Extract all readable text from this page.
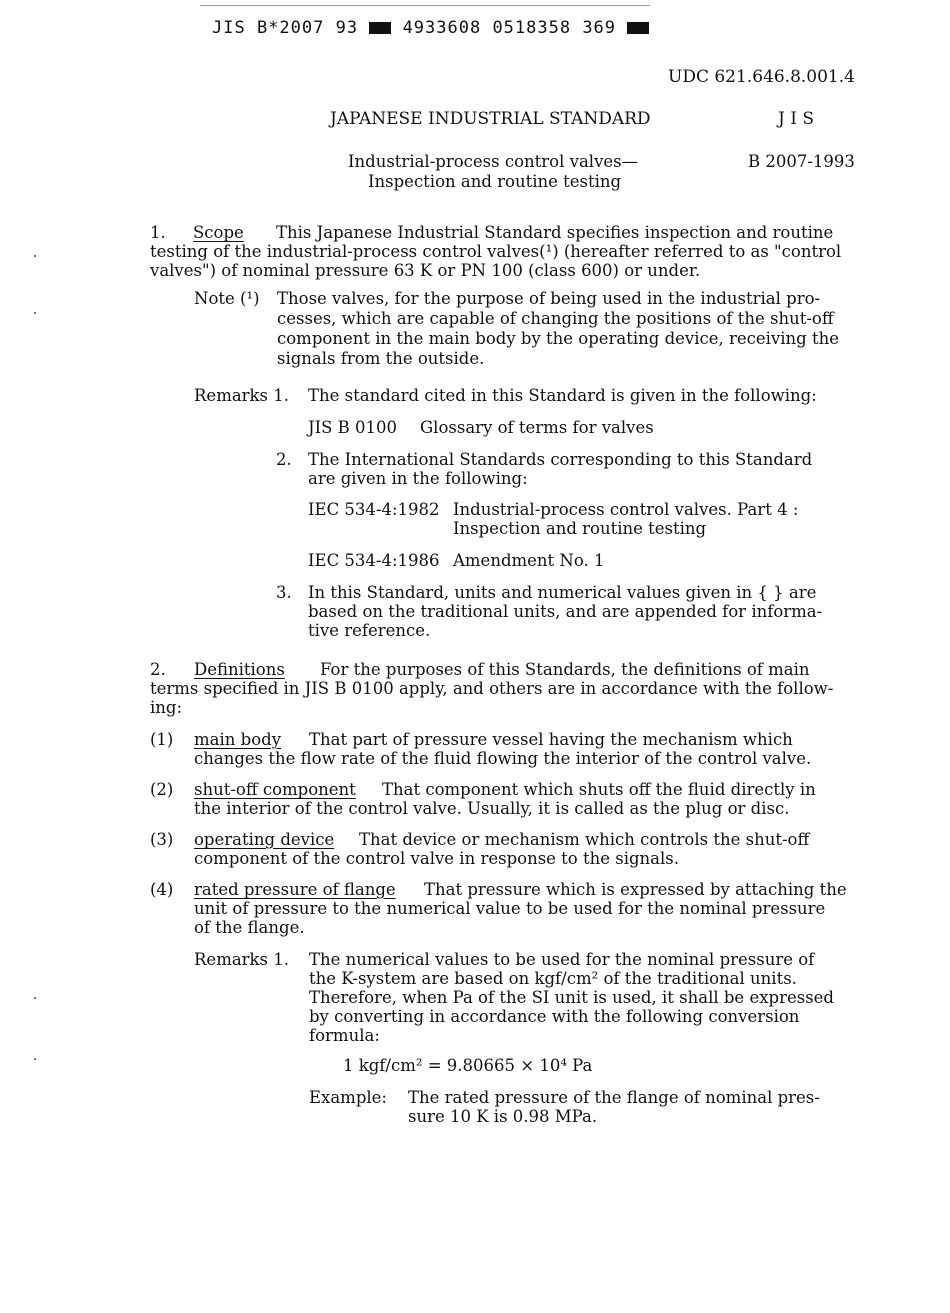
JIS B*2007 93	4933608 0518358 369
UDC 621.646.8.001.4
JAPANESE INDUSTRIAL STANDARD	J I S
Industrial-process control valves—
Inspection and routine testing
B 2007-1993
1. Scope This Japanese Industrial Standard specifies inspection and routine
testing of the industrial-process control valves(¹) (hereafter referred to as "control
valves") of nominal pressure 63 K or PN 100 (class 600) or under.
Note (¹) Those valves, for the purpose of being used in the industrial pro-
cesses, which are capable of changing the positions of the shut-off
component in the main body by the operating device, receiving the
signals from the outside.
Remarks 1. The standard cited in this Standard is given in the following:
JIS B 0100 Glossary of terms for valves
2. The International Standards corresponding to this Standard
are given in the following:
IEC 534-4:1982 Industrial-process control valves. Part 4 :
Inspection and routine testing
IEC 534-4:1986 Amendment No. 1
3. In this Standard, units and numerical values given in { } are
based on the traditional units, and are appended for informa-
tive reference.
2. Definitions For the purposes of this Standards, the definitions of main
terms specified in JIS B 0100 apply, and others are in accordance with the follow-
ing:
(1) main body That part of pressure vessel having the mechanism which
changes the flow rate of the fluid flowing the interior of the control valve.
(2) shut-off component That component which shuts off the fluid directly in
the interior of the control valve. Usually, it is called as the plug or disc.
(3) operating device That device or mechanism which controls the shut-off
component of the control valve in response to the signals.
(4) rated pressure of flange That pressure which is expressed by attaching the
unit of pressure to the numerical value to be used for the nominal pressure
of the flange.
Remarks 1. The numerical values to be used for the nominal pressure of
the K-system are based on kgf/cm² of the traditional units.
Therefore, when Pa of the SI unit is used, it shall be expressed
by converting in accordance with the following conversion
formula:
1 kgf/cm² = 9.80665 × 10⁴ Pa
Example: The rated pressure of the flange of nominal pres-
sure 10 K is 0.98 MPa.
